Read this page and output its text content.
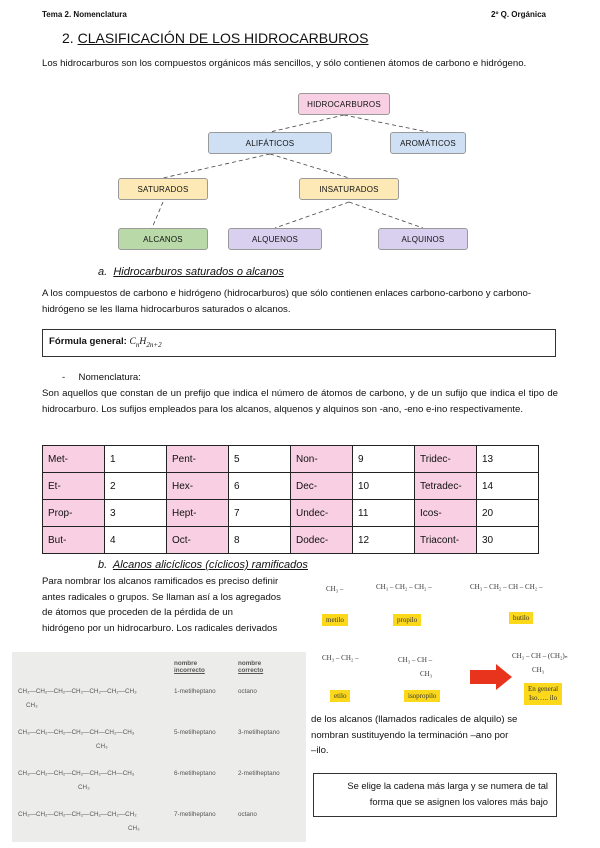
Tema 2. Nomenclatura	2º Q. Orgánica
2. CLASIFICACIÓN DE LOS HIDROCARBUROS
Los hidrocarburos son los compuestos orgánicos más sencillos, y sólo contienen átomos de carbono e hidrógeno.
HIDROCARBUROS
ALIFÁTICOS	AROMÁTICOS
SATURADOS	INSATURADOS
ALCANOS	ALQUENOS	ALQUINOS
a. Hidrocarburos saturados o alcanos
A los compuestos de carbono e hidrógeno (hidrocarburos) que sólo contienen enlaces carbono-carbono y carbono-hidrógeno se les llama hidrocarburos saturados o alcanos.
Fórmula general: $C_nH_{2n+2}$
- Nomenclatura:
Son aquellos que constan de un prefijo que indica el número de átomos de carbono, y de un sufijo que indica el tipo de hidrocarburo. Los sufijos empleados para los alcanos, alquenos y alquinos son -ano, -eno e-ino respectivamente.
Met-	1	Pent-	5	Non-	9	Tridec-	13
Et-	2	Hex-	6	Dec-	10	Tetradec-	14
Prop-	3	Hept-	7	Undec-	11	Icos-	20
But-	4	Oct-	8	Dodec-	12	Triacont-	30
b. Alcanos alicíclicos (cíclicos) ramificados
Para nombrar los alcanos ramificados es preciso definir
antes radicales o grupos. Se llaman así a los agregados
de átomos que proceden de la pérdida de un
hidrógeno por un hidrocarburo. Los radicales derivados
CH₃ –
metilo
CH₃ – CH₂ – CH₂ –
propilo
CH₃ – CH₂ – CH – CH₂ –
butilo
CH₃ – CH₂ –
etilo
CH₃ – CH –
CH₃
isopropilo
CH₃ – CH – (CH₂)ₙ
CH₃
En general
Iso….. ilo
nombre
incorrecto
nombre
correcto
CH₂—CH₂—CH₂—CH₂—CH₂—CH₂—CH₃
CH₃
1-metilheptano	octano
CH₃—CH₂—CH₂—CH₂—CH—CH₂—CH₃
CH₃
5-metilheptano	3-metilheptano
CH₃—CH₂—CH₂—CH₂—CH₂—CH—CH₃
CH₃
6-metilheptano	2-metilheptano
CH₃—CH₂—CH₂—CH₂—CH₂—CH₂—CH₂
CH₃
7-metilheptano	octano
de los alcanos (llamados radicales de alquilo) se
nombran sustituyendo la terminación –ano por
–ilo.
Se elige la cadena más larga y se numera de tal
forma que se asignen los valores más bajo
